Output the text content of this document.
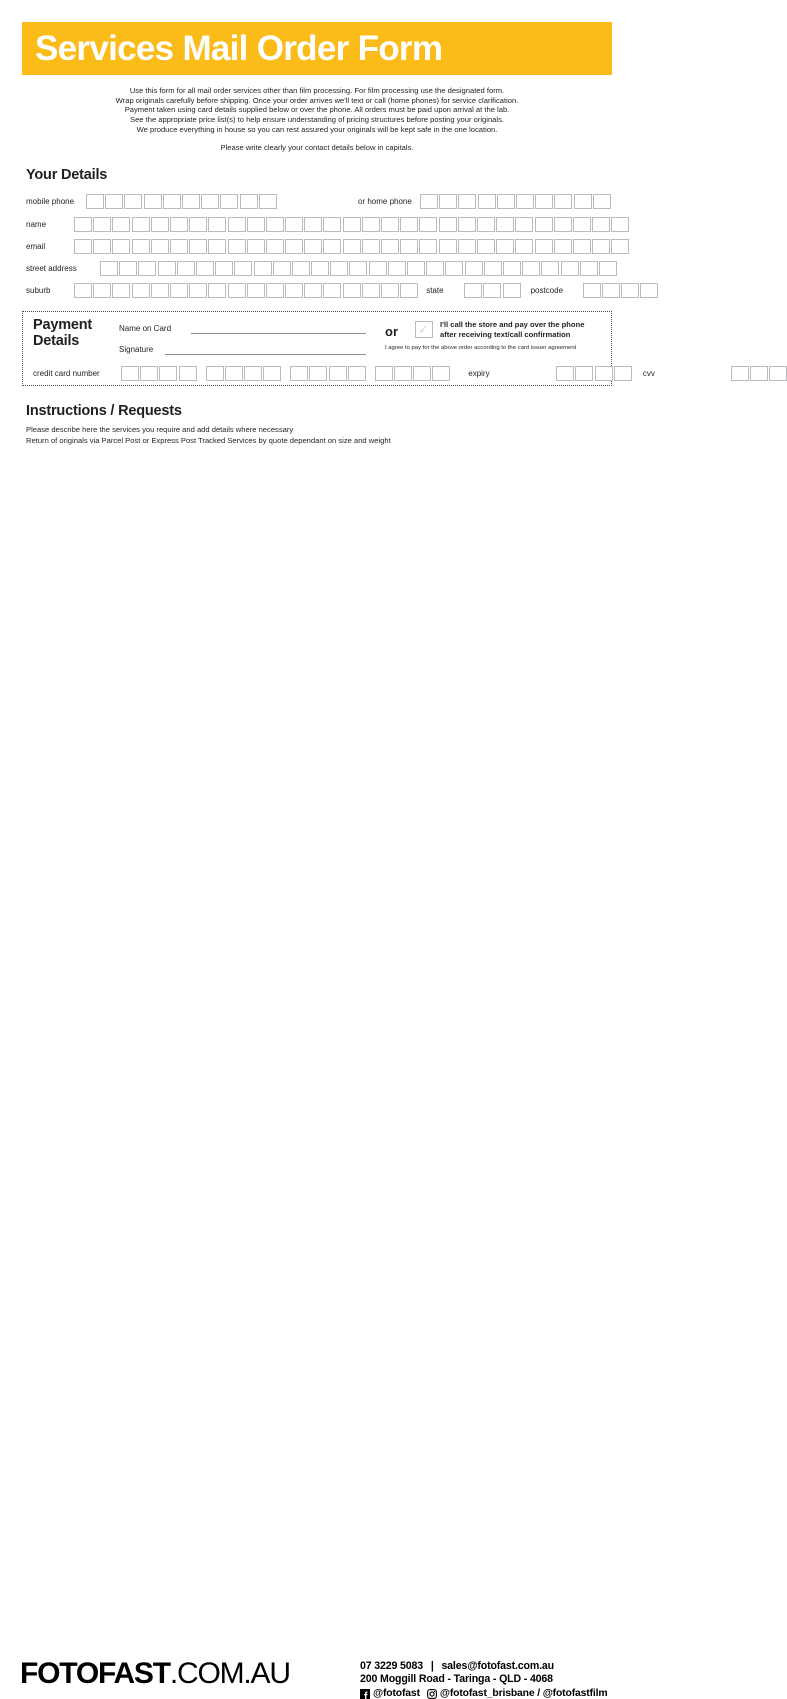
Services Mail Order Form
Use this form for all mail order services other than film processing. For film processing use the designated form.
Wrap originals carefully before shipping. Once your order arrives we'll text or call (home phones) for service clarification.
Payment taken using card details supplied below or over the phone. All orders must be paid upon arrival at the lab.
See the appropriate price list(s) to help ensure understanding of pricing structures before posting your originals.
We produce everything in house so you can rest assured your originals will be kept safe in the one location.
Please write clearly your contact details below in capitals.
Your Details
mobile phone	or home phone
name
email
street address
suburb	state	postcode
Payment
Details
Name on Card
Signature
or ✓ I'll call the store and pay over the phone
after receiving text/call confirmation
I agree to pay for the above order according to the card issuer agreement
credit card number	expiry	cvv
Instructions / Requests
Please describe here the services you require and add details where necessary
Return of originals via Parcel Post or Express Post Tracked Services by quote dependant on size and weight
FOTOFAST.COM.AU	07 3229 5083 | sales@fotofast.com.au
200 Moggill Road - Taringa - QLD - 4068
@fotofast @fotofast_brisbane / @fotofastfilm
